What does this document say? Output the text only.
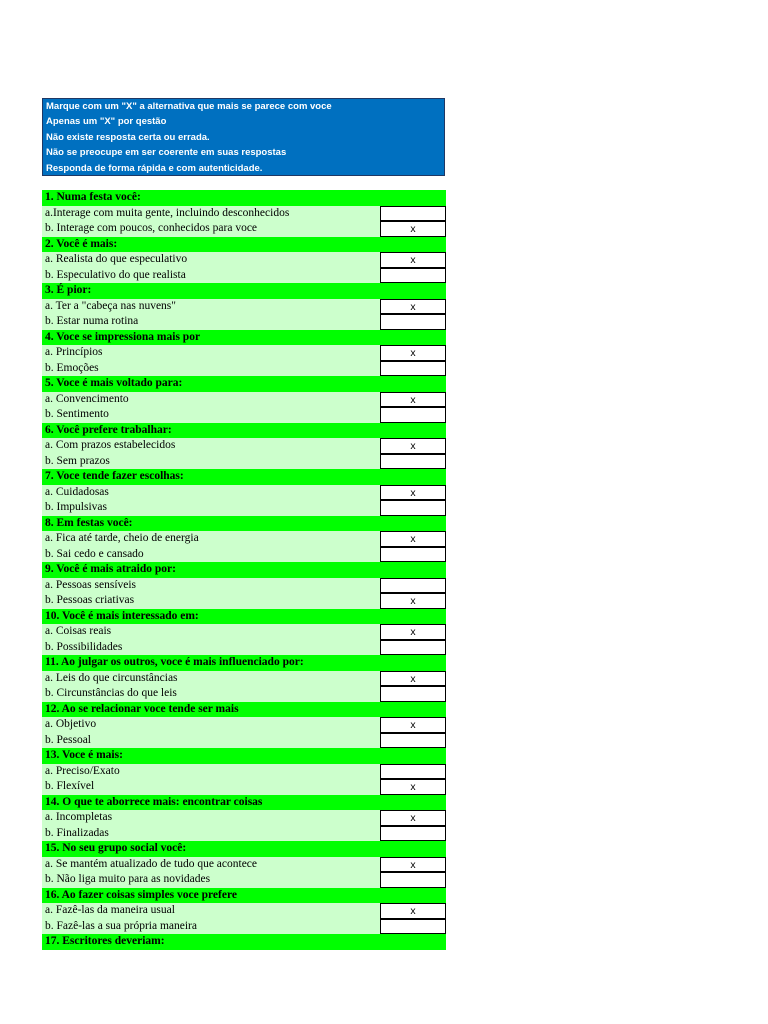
Marque com um "X" a alternativa que mais se parece com voce
Apenas um "X" por qestão
Não existe resposta certa ou errada.
Não se preocupe em ser coerente em suas respostas
Responda de forma rápida e com autenticidade.
1. Numa festa você:
a.Interage com muita gente, incluindo desconhecidos
b. Interage com poucos, conhecidos para voce	x
2. Você é mais:
a. Realista do que especulativo	x
b. Especulativo do que realista
3. É pior:
a. Ter a "cabeça nas nuvens"	x
b. Estar numa rotina
4. Voce se impressiona mais por
a. Princípios	x
b. Emoções
5. Voce é mais voltado para:
a. Convencimento	x
b. Sentimento
6. Você prefere trabalhar:
a. Com prazos estabelecidos	x
b. Sem prazos
7. Voce tende fazer escolhas:
a. Cuidadosas	x
b. Impulsivas
8. Em festas você:
a. Fica até tarde, cheio de energia	x
b. Sai cedo e cansado
9. Você é mais atraido por:
a. Pessoas sensíveis
b. Pessoas criativas	x
10. Você é mais interessado em:
a. Coisas reais	x
b. Possibilidades
11. Ao julgar os outros, voce é mais influenciado por:
a. Leis do que circunstâncias	x
b. Circunstâncias do que leis
12. Ao se relacionar voce tende ser mais
a. Objetivo	x
b. Pessoal
13. Voce é mais:
a. Preciso/Exato
b. Flexível	x
14. O que te aborrece mais: encontrar coisas
a. Incompletas	x
b. Finalizadas
15. No seu grupo social você:
a. Se mantém atualizado de tudo que acontece	x
b. Não liga muito para as novidades
16. Ao fazer coisas simples voce prefere
a. Fazê-las da maneira usual	x
b. Fazê-las a sua própria maneira
17. Escritores deveriam:
